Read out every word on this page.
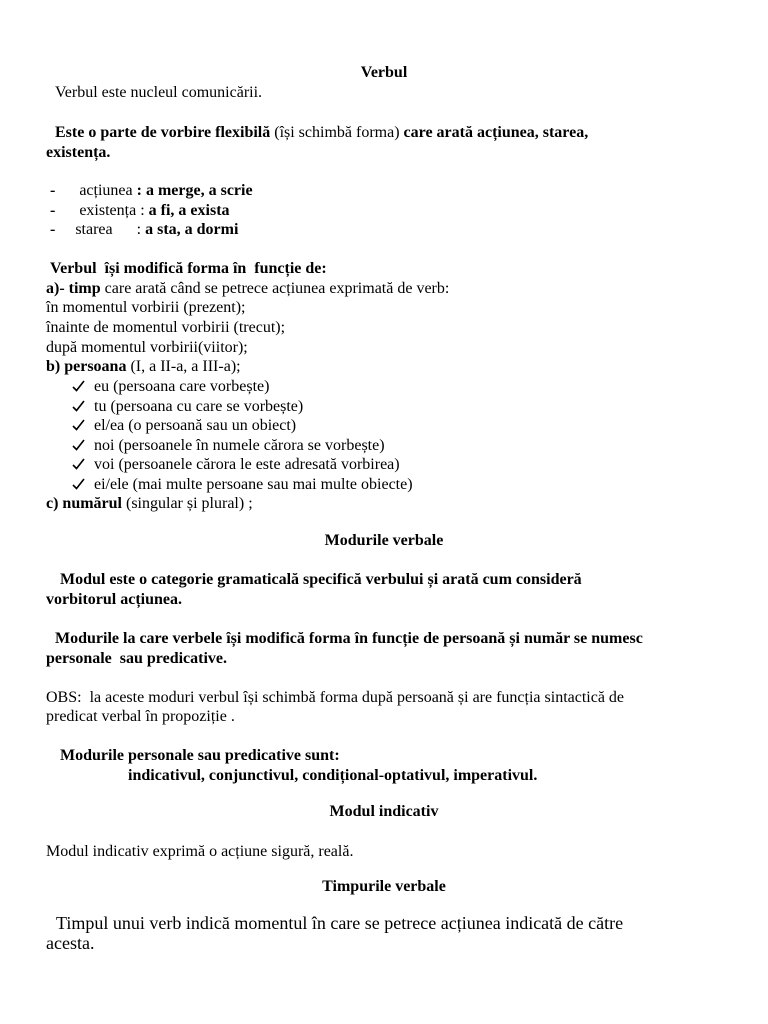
Verbul
Verbul este nucleul comunicării.
Este o parte de vorbire flexibilă (își schimbă forma) care arată acțiunea, starea,
existența.
- acțiunea : a merge, a scrie
- existența : a fi, a exista
- starea      : a sta, a dormi
Verbul  își modifică forma în  funcție de:
a)- timp care arată când se petrece acțiunea exprimată de verb:
în momentul vorbirii (prezent);
înainte de momentul vorbirii (trecut);
după momentul vorbirii(viitor);
b) persoana (I, a II-a, a III-a);
eu (persoana care vorbește)
tu (persoana cu care se vorbește)
el/ea (o persoană sau un obiect)
noi (persoanele în numele cărora se vorbește)
voi (persoanele cărora le este adresată vorbirea)
ei/ele (mai multe persoane sau mai multe obiecte)
c) numărul (singular și plural) ;
Modurile verbale
Modul este o categorie gramaticală specifică verbului și arată cum consideră
vorbitorul acțiunea.
Modurile la care verbele își modifică forma în funcție de persoană și număr se numesc
personale  sau predicative.
OBS:  la aceste moduri verbul își schimbă forma după persoană și are funcția sintactică de
predicat verbal în propoziție .
Modurile personale sau predicative sunt:
indicativul, conjunctivul, condițional-optativul, imperativul.
Modul indicativ
Modul indicativ exprimă o acțiune sigură, reală.
Timpurile verbale
Timpul unui verb indică momentul în care se petrece acțiunea indicată de către
acesta.
